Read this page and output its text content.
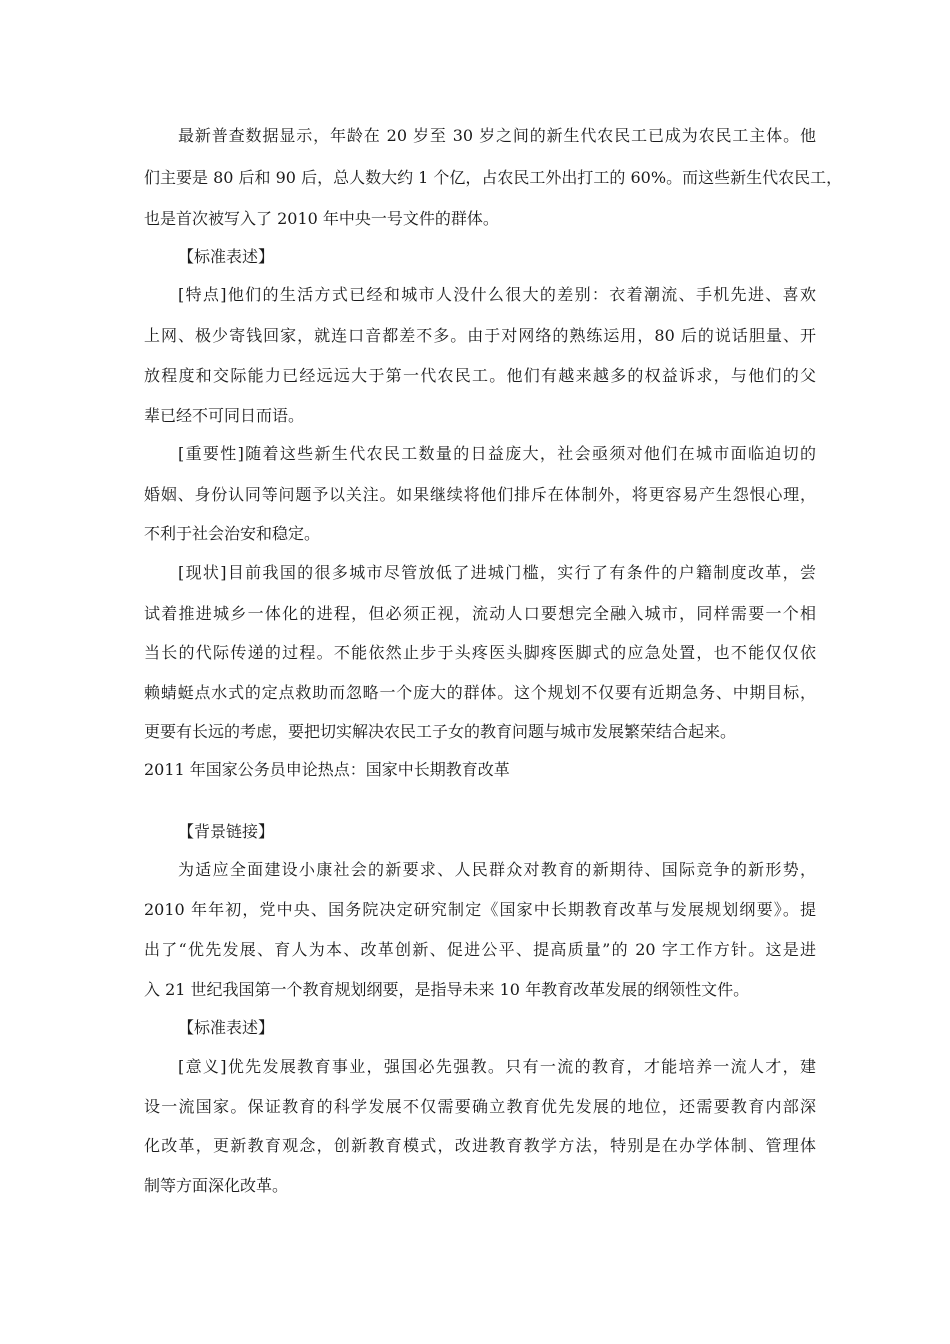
最新普查数据显示，年龄在 20 岁至 30 岁之间的新生代农民工已成为农民工主体。他
们主要是 80 后和 90 后，总人数大约 1 个亿，占农民工外出打工的 60%。而这些新生代农民工，
也是首次被写入了 2010 年中央一号文件的群体。
【标准表述】
[特点]他们的生活方式已经和城市人没什么很大的差别：衣着潮流、手机先进、喜欢
上网、极少寄钱回家，就连口音都差不多。由于对网络的熟练运用，80 后的说话胆量、开
放程度和交际能力已经远远大于第一代农民工。他们有越来越多的权益诉求，与他们的父
辈已经不可同日而语。
[重要性]随着这些新生代农民工数量的日益庞大，社会亟须对他们在城市面临迫切的
婚姻、身份认同等问题予以关注。如果继续将他们排斥在体制外，将更容易产生怨恨心理，
不利于社会治安和稳定。
[现状]目前我国的很多城市尽管放低了进城门槛，实行了有条件的户籍制度改革，尝
试着推进城乡一体化的进程，但必须正视，流动人口要想完全融入城市，同样需要一个相
当长的代际传递的过程。不能依然止步于头疼医头脚疼医脚式的应急处置，也不能仅仅依
赖蜻蜓点水式的定点救助而忽略一个庞大的群体。这个规划不仅要有近期急务、中期目标，
更要有长远的考虑，要把切实解决农民工子女的教育问题与城市发展繁荣结合起来。
2011 年国家公务员申论热点：国家中长期教育改革
【背景链接】
为适应全面建设小康社会的新要求、人民群众对教育的新期待、国际竞争的新形势，
2010 年年初，党中央、国务院决定研究制定《国家中长期教育改革与发展规划纲要》。提
出了“优先发展、育人为本、改革创新、促进公平、提高质量”的 20 字工作方针。这是进
入 21 世纪我国第一个教育规划纲要，是指导未来 10 年教育改革发展的纲领性文件。
【标准表述】
[意义]优先发展教育事业，强国必先强教。只有一流的教育，才能培养一流人才，建
设一流国家。保证教育的科学发展不仅需要确立教育优先发展的地位，还需要教育内部深
化改革，更新教育观念，创新教育模式，改进教育教学方法，特别是在办学体制、管理体
制等方面深化改革。
